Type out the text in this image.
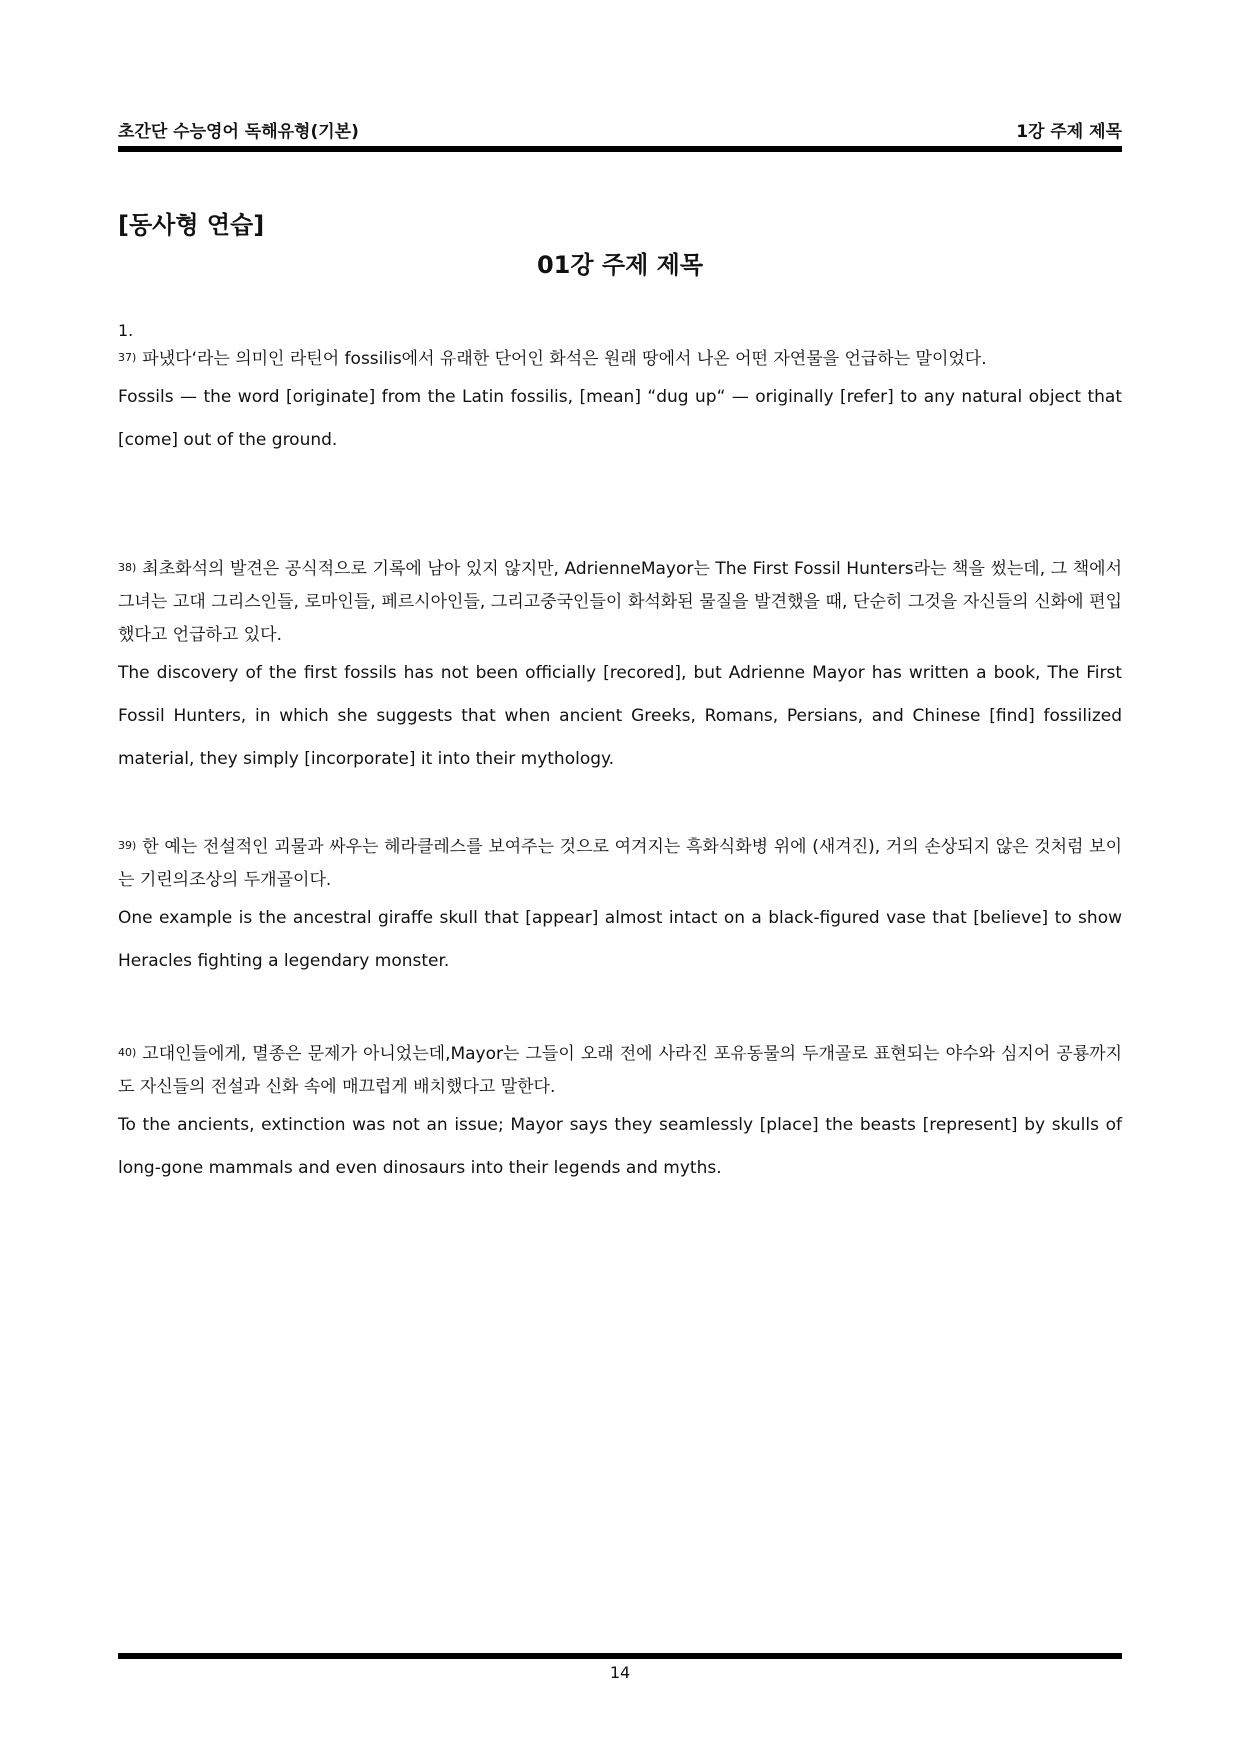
초간단 수능영어 독해유형(기본)	1강 주제 제목
[동사형 연습]
01강 주제 제목
1.
$^{37)}$ 파냈다‘라는 의미인 라틴어 fossilis에서 유래한 단어인 화석은 원래 땅에서 나온 어떤 자연물을 언급하는 말이었다.
Fossils — the word [originate] from the Latin fossilis, [mean] “dug up“ — originally [refer] to any natural object that [come] out of the ground.
$^{38)}$ 최초화석의 발견은 공식적으로 기록에 남아 있지 않지만, AdrienneMayor는 The First Fossil Hunters라는 책을 썼는데, 그 책에서 그녀는 고대 그리스인들, 로마인들, 페르시아인들, 그리고중국인들이 화석화된 물질을 발견했을 때, 단순히 그것을 자신들의 신화에 편입했다고 언급하고 있다.
The discovery of the first fossils has not been officially [recored], but Adrienne Mayor has written a book, The First Fossil Hunters, in which she suggests that when ancient Greeks, Romans, Persians, and Chinese [find] fossilized material, they simply [incorporate] it into their mythology.
$^{39)}$ 한 예는 전설적인 괴물과 싸우는 헤라클레스를 보여주는 것으로 여겨지는 흑화식화병 위에 (새겨진), 거의 손상되지 않은 것처럼 보이는 기린의조상의 두개골이다.
One example is the ancestral giraffe skull that [appear] almost intact on a black-figured vase that [believe] to show Heracles fighting a legendary monster.
$^{40)}$ 고대인들에게, 멸종은 문제가 아니었는데,Mayor는 그들이 오래 전에 사라진 포유동물의 두개골로 표현되는 야수와 심지어 공룡까지도 자신들의 전설과 신화 속에 매끄럽게 배치했다고 말한다.
To the ancients, extinction was not an issue; Mayor says they seamlessly [place] the beasts [represent] by skulls of long-gone mammals and even dinosaurs into their legends and myths.
14
